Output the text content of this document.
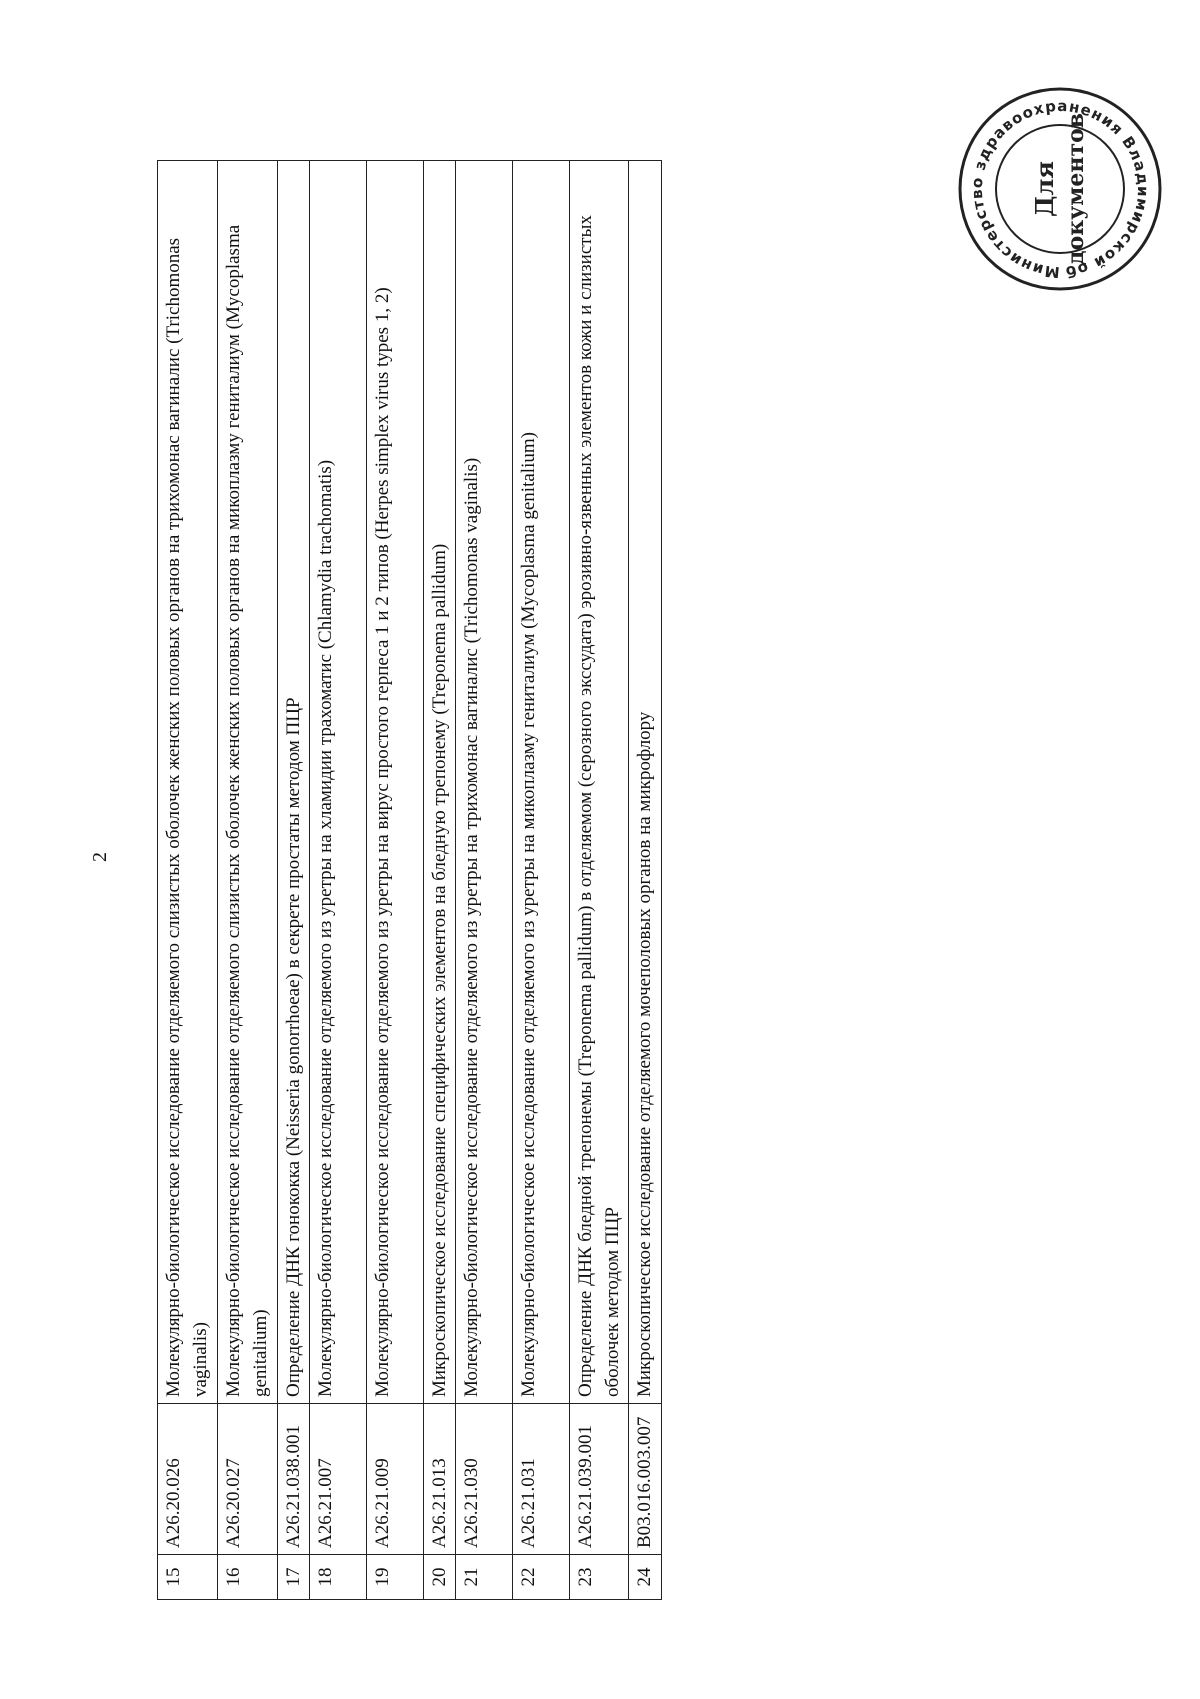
2
15	A26.20.026	Молекулярно-биологическое исследование отделяемого слизистых оболочек женских половых органов на трихомонас вагиналис (Trichomonas vaginalis)
16	A26.20.027	Молекулярно-биологическое исследование отделяемого слизистых оболочек женских половых органов на микоплазму гениталиум (Mycoplasma genitalium)
17	A26.21.038.001	Определение ДНК гонококка (Neisseria gonorrhoeae) в секрете простаты методом ПЦР
18	A26.21.007	Молекулярно-биологическое исследование отделяемого из уретры на хламидии трахоматис (Chlamydia trachomatis)
19	A26.21.009	Молекулярно-биологическое исследование отделяемого из уретры на вирус простого герпеса 1 и 2 типов (Herpes simplex virus types 1, 2)
20	A26.21.013	Микроскопическое исследование специфических элементов на бледную трепонему (Treponema pallidum)
21	A26.21.030	Молекулярно-биологическое исследование отделяемого из уретры на трихомонас вагиналис (Trichomonas vaginalis)
22	A26.21.031	Молекулярно-биологическое исследование отделяемого из уретры на микоплазму гениталиум (Mycoplasma genitalium)
23	A26.21.039.001	Определение ДНК бледной трепонемы (Treponema pallidum) в отделяемом (серозного экссудата) эрозивно-язвенных элементов кожи и слизистых оболочек методом ПЦР
24	B03.016.003.007	Микроскопическое исследование отделяемого мочеполовых органов на микрофлору
Министерство здравоохранения Владимирской об
Для документов
